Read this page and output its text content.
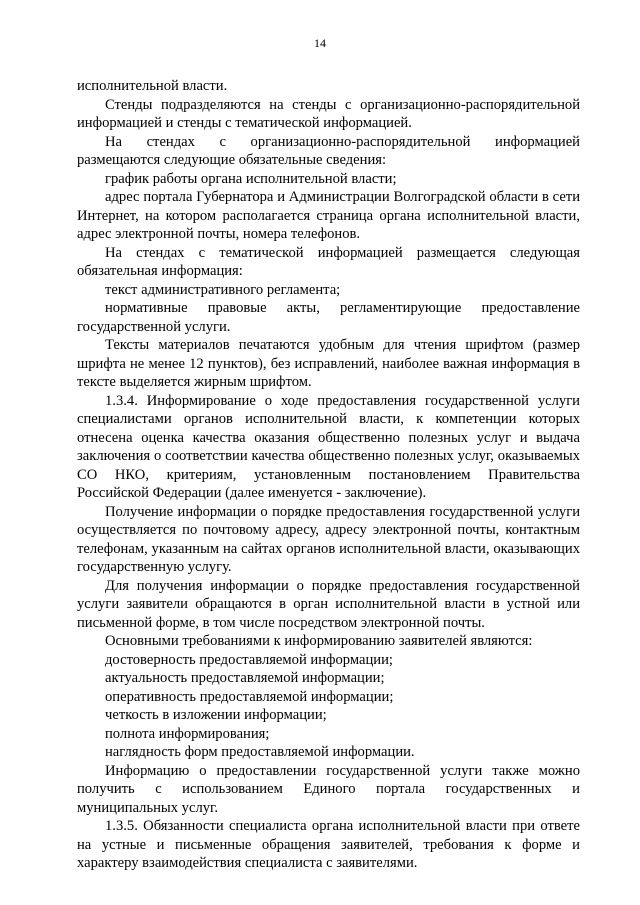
14

исполнительной власти.

Стенды подразделяются на стенды с организационно-распорядительной информацией и стенды с тематической информацией.

На стендах с организационно-распорядительной информацией размещаются следующие обязательные сведения:

график работы органа исполнительной власти;

адрес портала Губернатора и Администрации Волгоградской области в сети Интернет, на котором располагается страница органа исполнительной власти, адрес электронной почты, номера телефонов.

На стендах с тематической информацией размещается следующая обязательная информация:

текст административного регламента;

нормативные правовые акты, регламентирующие предоставление государственной услуги.

Тексты материалов печатаются удобным для чтения шрифтом (размер шрифта не менее 12 пунктов), без исправлений, наиболее важная информация в тексте выделяется жирным шрифтом.

1.3.4. Информирование о ходе предоставления государственной услуги специалистами органов исполнительной власти, к компетенции которых отнесена оценка качества оказания общественно полезных услуг и выдача заключения о соответствии качества общественно полезных услуг, оказываемых СО НКО, критериям, установленным постановлением Правительства Российской Федерации (далее именуется - заключение).

Получение информации о порядке предоставления государственной услуги осуществляется по почтовому адресу, адресу электронной почты, контактным телефонам, указанным на сайтах органов исполнительной власти, оказывающих государственную услугу.

Для получения информации о порядке предоставления государственной услуги заявители обращаются в орган исполнительной власти в устной или письменной форме, в том числе посредством электронной почты.

Основными требованиями к информированию заявителей являются:

достоверность предоставляемой информации;

актуальность предоставляемой информации;

оперативность предоставляемой информации;

четкость в изложении информации;

полнота информирования;

наглядность форм предоставляемой информации.

Информацию о предоставлении государственной услуги также можно получить с использованием Единого портала государственных и муниципальных услуг.

1.3.5. Обязанности специалиста органа исполнительной власти при ответе на устные и письменные обращения заявителей, требования к форме и характеру взаимодействия специалиста с заявителями.
